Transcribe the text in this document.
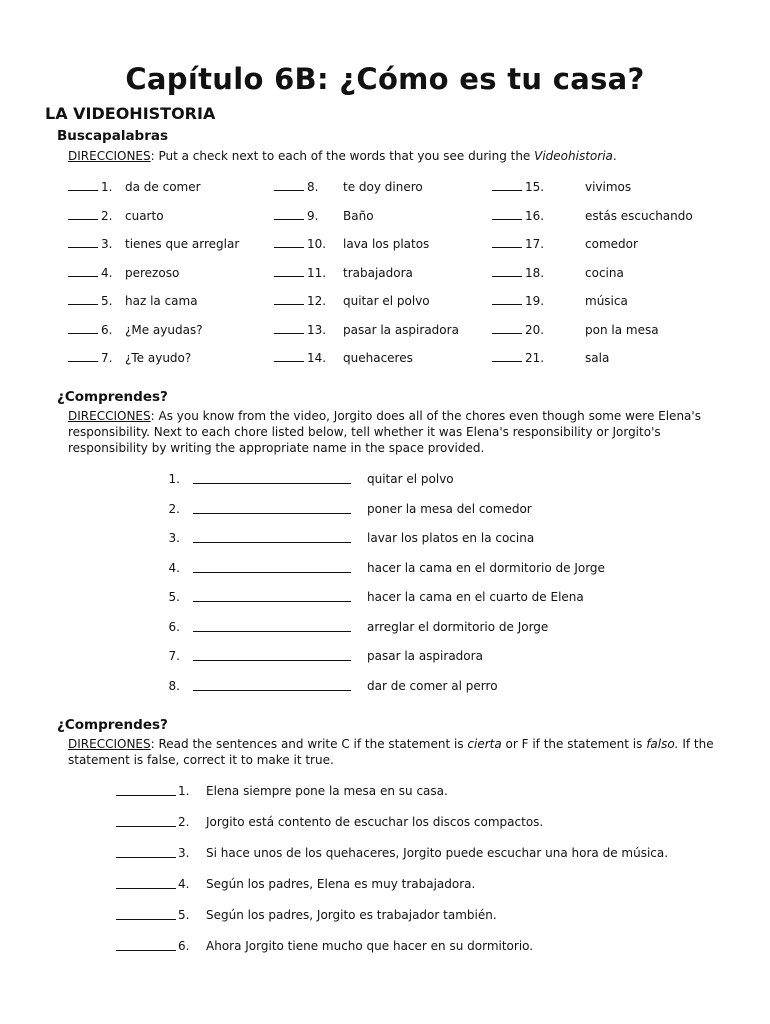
Capítulo 6B: ¿Cómo es tu casa?
LA VIDEOHISTORIA
Buscapalabras
DIRECCIONES: Put a check next to each of the words that you see during the Videohistoria.
1. da de comer
2. cuarto
3. tienes que arreglar
4. perezoso
5. haz la cama
6. ¿Me ayudas?
7. ¿Te ayudo?
8. te doy dinero
9. Baño
10. lava los platos
11. trabajadora
12. quitar el polvo
13. pasar la aspiradora
14. quehaceres
15.	vivimos
16.	estás escuchando
17.	comedor
18.	cocina
19.	música
20.	pon la mesa
21.	sala
¿Comprendes?
DIRECCIONES: As you know from the video, Jorgito does all of the chores even though some were Elena's responsibility. Next to each chore listed below, tell whether it was Elena's responsibility or Jorgito's responsibility by writing the appropriate name in the space provided.
1.	quitar el polvo
2.	poner la mesa del comedor
3.	lavar los platos en la cocina
4.	hacer la cama en el dormitorio de Jorge
5.	hacer la cama en el cuarto de Elena
6.	arreglar el dormitorio de Jorge
7.	pasar la aspiradora
8.	dar de comer al perro
¿Comprendes?
DIRECCIONES: Read the sentences and write C if the statement is cierta or F if the statement is falso. If the statement is false, correct it to make it true.
1. Elena siempre pone la mesa en su casa.
2. Jorgito está contento de escuchar los discos compactos.
3. Si hace unos de los quehaceres, Jorgito puede escuchar una hora de música.
4. Según los padres, Elena es muy trabajadora.
5. Según los padres, Jorgito es trabajador también.
6. Ahora Jorgito tiene mucho que hacer en su dormitorio.
